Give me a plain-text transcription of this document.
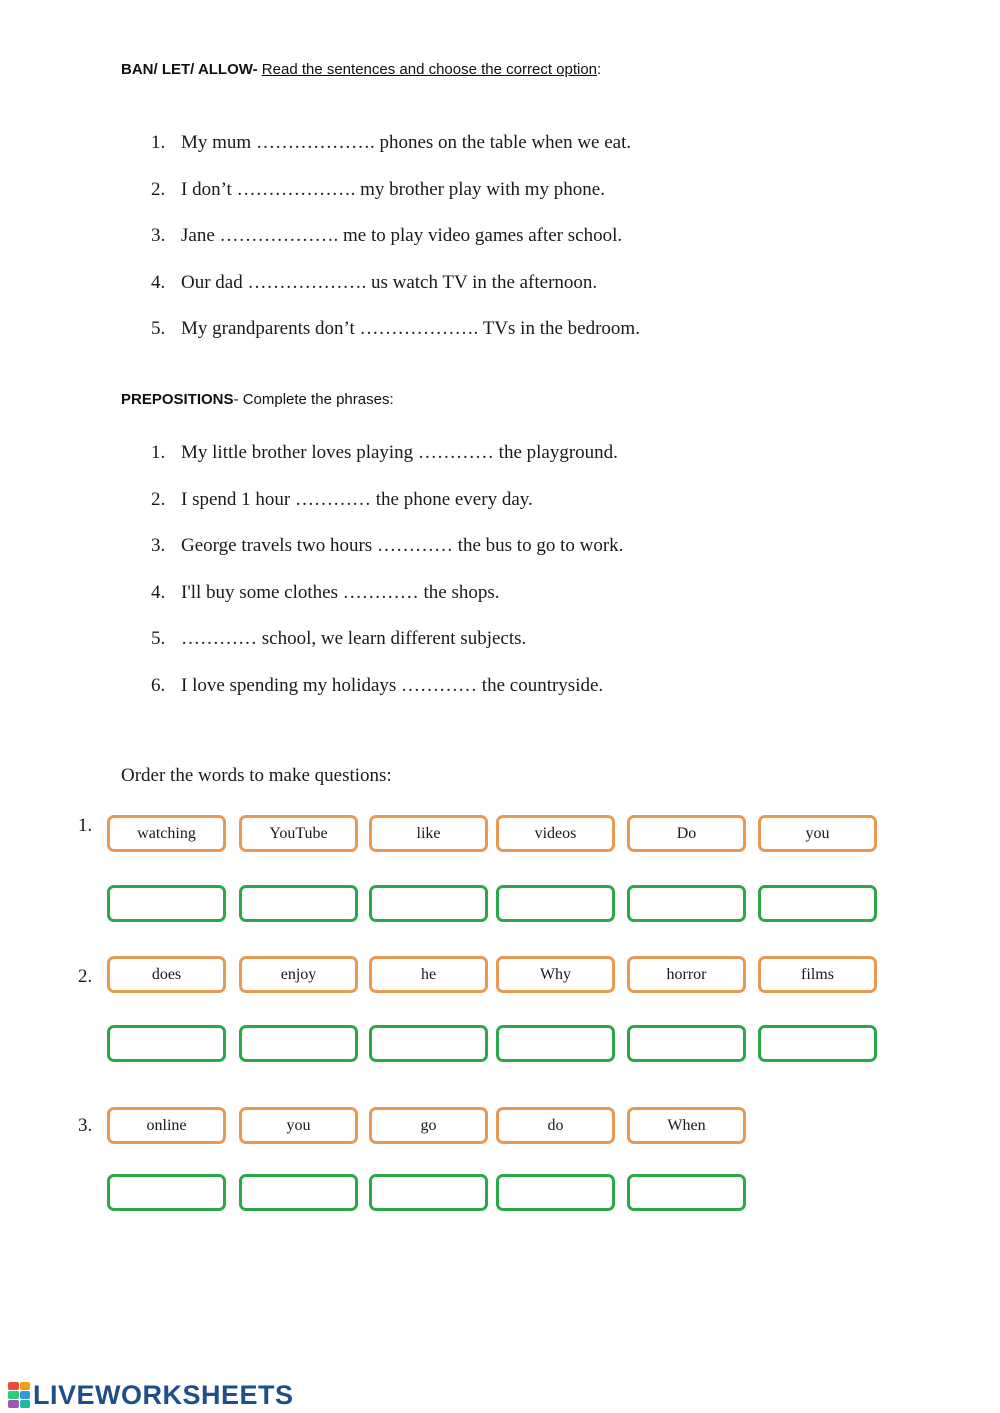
BAN/ LET/ ALLOW- Read the sentences and choose the correct option:
1. My mum ………………. phones on the table when we eat.
2. I don’t ………………. my brother play with my phone.
3. Jane ………………. me to play video games after school.
4. Our dad ………………. us watch TV in the afternoon.
5. My grandparents don’t ………………. TVs in the bedroom.
PREPOSITIONS- Complete the phrases:
1. My little brother loves playing ………… the playground.
2. I spend 1 hour ………… the phone every day.
3. George travels two hours ………… the bus to go to work.
4. I'll buy some clothes ………… the shops.
5. ………… school, we learn different subjects.
6. I love spending my holidays ………… the countryside.
Order the words to make questions:
1.	watching	YouTube	like	videos	Do	you
2.	does	enjoy	he	Why	horror	films
3.	online	you	go	do	When
LIVEWORKSHEETS
